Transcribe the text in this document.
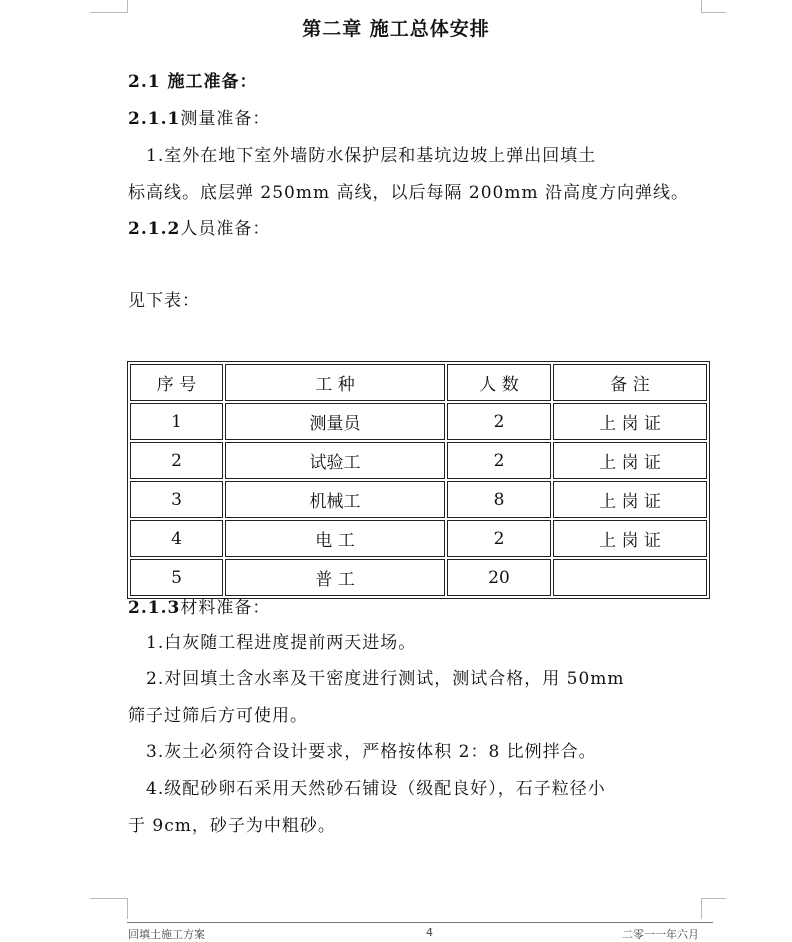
第二章 施工总体安排
2.1 施工准备：
2.1.1测量准备：
1.室外在地下室外墙防水保护层和基坑边坡上弹出回填土
标高线。底层弹 250mm 高线，以后每隔 200mm 沿高度方向弹线。
2.1.2人员准备：
见下表：
序 号	工 种	人 数	备 注
1	测量员	2	上 岗 证
2	试验工	2	上 岗 证
3	机械工	8	上 岗 证
4	电 工	2	上 岗 证
5	普 工	20	
2.1.3材料准备：
1.白灰随工程进度提前两天进场。
2.对回填土含水率及干密度进行测试，测试合格，用 50mm
筛子过筛后方可使用。
3.灰土必须符合设计要求，严格按体积 2：8 比例拌合。
4.级配砂卵石采用天然砂石铺设（级配良好），石子粒径小
于 9cm，砂子为中粗砂。
回填土施工方案	4	二零一一年六月
